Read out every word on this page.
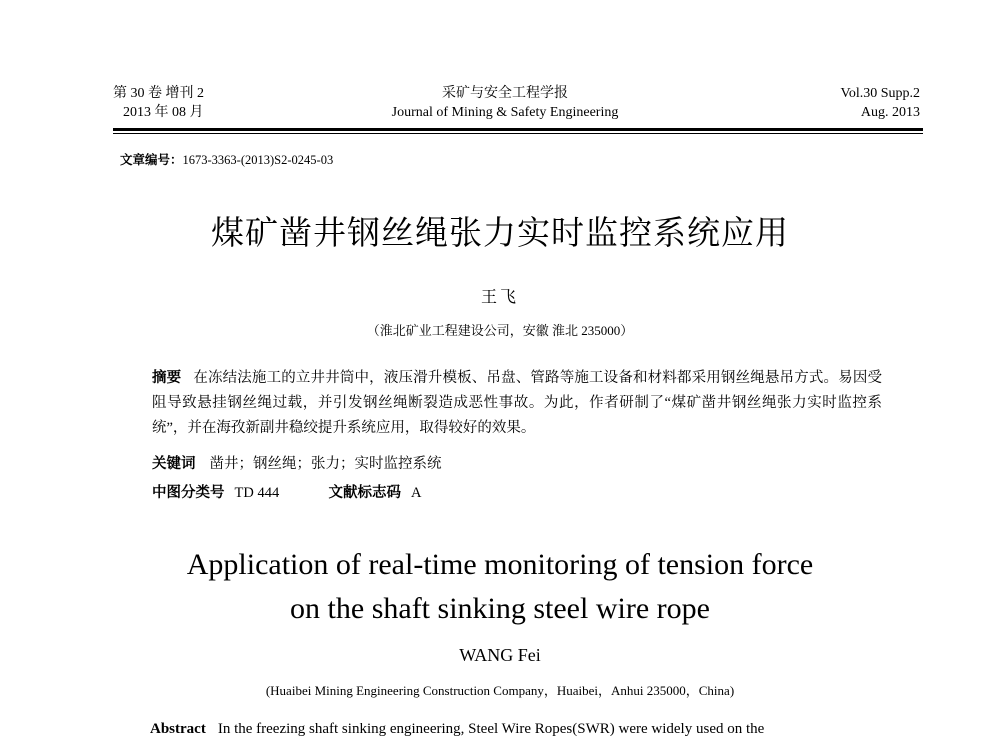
第 30 卷 增刊 2
2013 年 08 月
采矿与安全工程学报
Journal of Mining & Safety Engineering
Vol.30 Supp.2
Aug. 2013
文章编号：1673-3363-(2013)S2-0245-03
煤矿凿井钢丝绳张力实时监控系统应用
王飞
（淮北矿业工程建设公司，安徽 淮北 235000）
摘要 在冻结法施工的立井井筒中，液压滑升模板、吊盘、管路等施工设备和材料都采用钢丝绳悬吊方式。易因受阻导致悬挂钢丝绳过载，并引发钢丝绳断裂造成恶性事故。为此，作者研制了“煤矿凿井钢丝绳张力实时监控系统”，并在海孜新副井稳绞提升系统应用，取得较好的效果。
关键词 凿井；钢丝绳；张力；实时监控系统
中图分类号 TD 444	文献标志码 A
Application of real-time monitoring of tension force
on the shaft sinking steel wire rope
WANG Fei
(Huaibei Mining Engineering Construction Company，Huaibei，Anhui 235000，China)
Abstract In the freezing shaft sinking engineering, Steel Wire Ropes(SWR) were widely used on the
